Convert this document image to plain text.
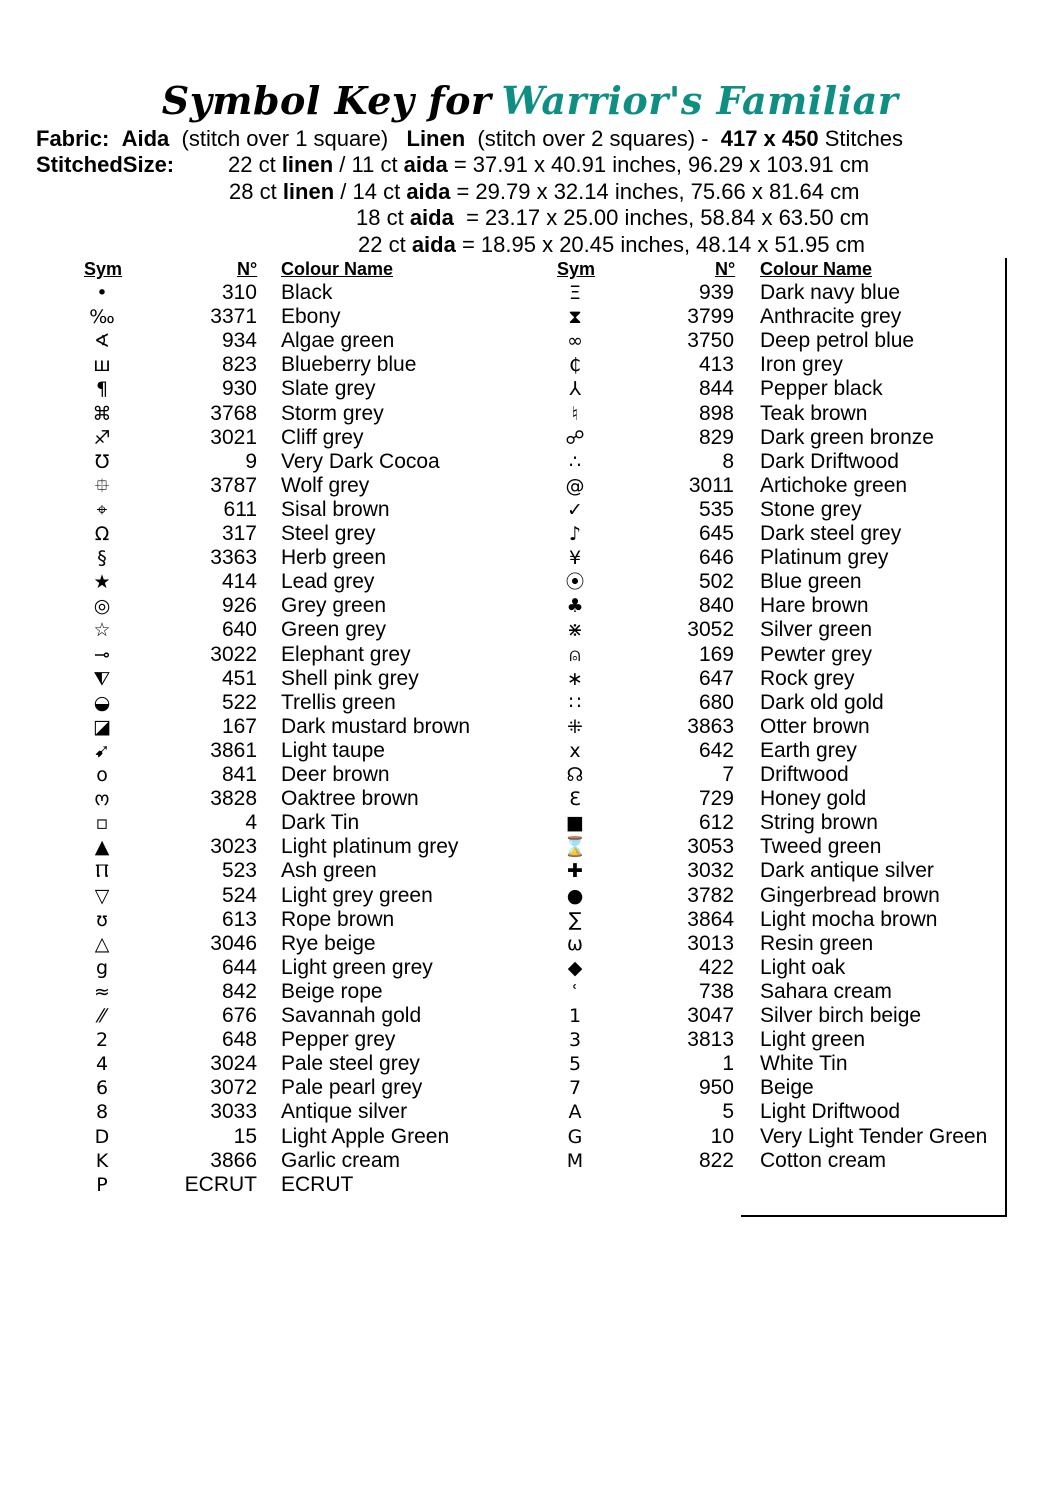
Symbol Key for Warrior's Familiar
Fabric: Aida (stitch over 1 square) Linen (stitch over 2 squares) - 417 x 450 Stitches
StitchedSize: 22 ct linen / 11 ct aida = 37.91 x 40.91 inches, 96.29 x 103.91 cm
28 ct linen / 14 ct aida = 29.79 x 32.14 inches, 75.66 x 81.64 cm
18 ct aida  = 23.17 x 25.00 inches, 58.84 x 63.50 cm
22 ct aida = 18.95 x 20.45 inches, 48.14 x 51.95 cm
Sym	N° Colour Name	Sym	N° Colour Name
•	310 Black	Ξ	939 Dark navy blue
‰	3371 Ebony	⧗	3799 Anthracite grey
∢	934 Algae green	∞	3750 Deep petrol blue
ш	823 Blueberry blue	₵	413 Iron grey
¶	930 Slate grey	⅄	844 Pepper black
⌘	3768 Storm grey	♮	898 Teak brown
♐	3021 Cliff grey	☍	829 Dark green bronze
℧	9 Very Dark Cocoa	∴	8 Dark Driftwood
⯐	3787 Wolf grey	@	3011 Artichoke green
⌖	611 Sisal brown	✓	535 Stone grey
Ω	317 Steel grey	♪	645 Dark steel grey
§	3363 Herb green	¥	646 Platinum grey
★	414 Lead grey	⦿	502 Blue green
◎	926 Grey green	♣	840 Hare brown
☆	640 Green grey	⋇	3052 Silver green
⊸	3022 Elephant grey	⍝	169 Pewter grey
⧨	451 Shell pink grey	∗	647 Rock grey
◒	522 Trellis green	∷	680 Dark old gold
◪	167 Dark mustard brown	⁜	3863 Otter brown
➹	3861 Light taupe	x	642 Earth grey
o	841 Deer brown	☊	7 Driftwood
ო	3828 Oaktree brown	Ɛ	729 Honey gold
▫	4 Dark Tin	■	612 String brown
▲	3023 Light platinum grey	⌛	3053 Tweed green
Ⲡ	523 Ash green	✚	3032 Dark antique silver
▽	524 Light grey green	●	3782 Gingerbread brown
ʊ	613 Rope brown	∑	3864 Light mocha brown
△	3046 Rye beige	ω	3013 Resin green
g	644 Light green grey	◆	422 Light oak
≈	842 Beige rope	ʿ	738 Sahara cream
⁄⁄	676 Savannah gold	1	3047 Silver birch beige
2	648 Pepper grey	3	3813 Light green
4	3024 Pale steel grey	5	1 White Tin
6	3072 Pale pearl grey	7	950 Beige
8	3033 Antique silver	A	5 Light Driftwood
D	15 Light Apple Green	G	10 Very Light Tender Green
K	3866 Garlic cream	M	822 Cotton cream
P	ECRUT ECRUT
